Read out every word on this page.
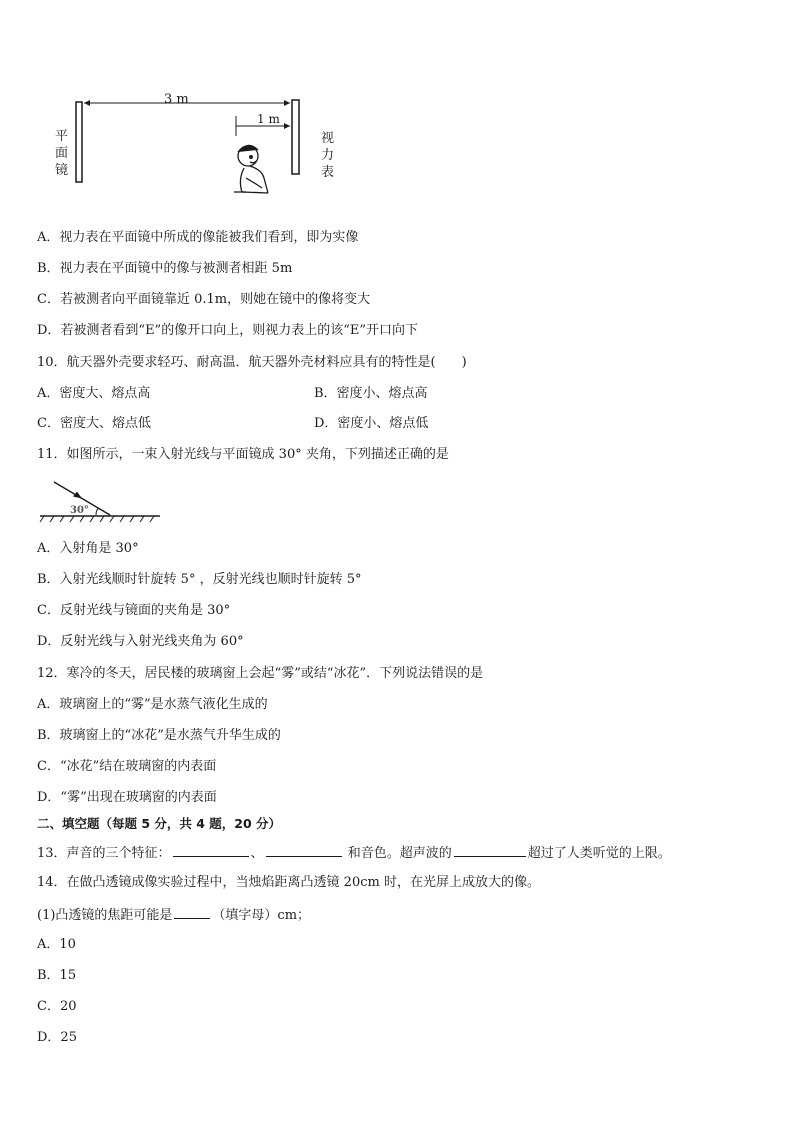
3 m
1 m
平
面
镜
视
力
表
A．视力表在平面镜中所成的像能被我们看到，即为实像
B．视力表在平面镜中的像与被测者相距 5m
C．若被测者向平面镜靠近 0.1m，则她在镜中的像将变大
D．若被测者看到“E”的像开口向上，则视力表上的该“E”开口向下
10．航天器外壳要求轻巧、耐高温．航天器外壳材料应具有的特性是(　　)
A．密度大、熔点高	B．密度小、熔点高
C．密度大、熔点低	D．密度小、熔点低
11．如图所示，一束入射光线与平面镜成 30° 夹角，下列描述正确的是
30°
A．入射角是 30°
B．入射光线顺时针旋转 5° ，反射光线也顺时针旋转 5°
C．反射光线与镜面的夹角是 30°
D．反射光线与入射光线夹角为 60°
12．寒冷的冬天，居民楼的玻璃窗上会起“雾”或结“冰花”．下列说法错误的是
A．玻璃窗上的“雾”是水蒸气液化生成的
B．玻璃窗上的“冰花”是水蒸气升华生成的
C．“冰花”结在玻璃窗的内表面
D．“雾”出现在玻璃窗的内表面
二、填空题（每题 5 分，共 4 题，20 分）
13．声音的三个特征：	、	和音色。超声波的	超过了人类听觉的上限。
14．在做凸透镜成像实验过程中，当烛焰距离凸透镜 20cm 时，在光屏上成放大的像。
(1)凸透镜的焦距可能是	（填字母）cm；
A．10
B．15
C．20
D．25
